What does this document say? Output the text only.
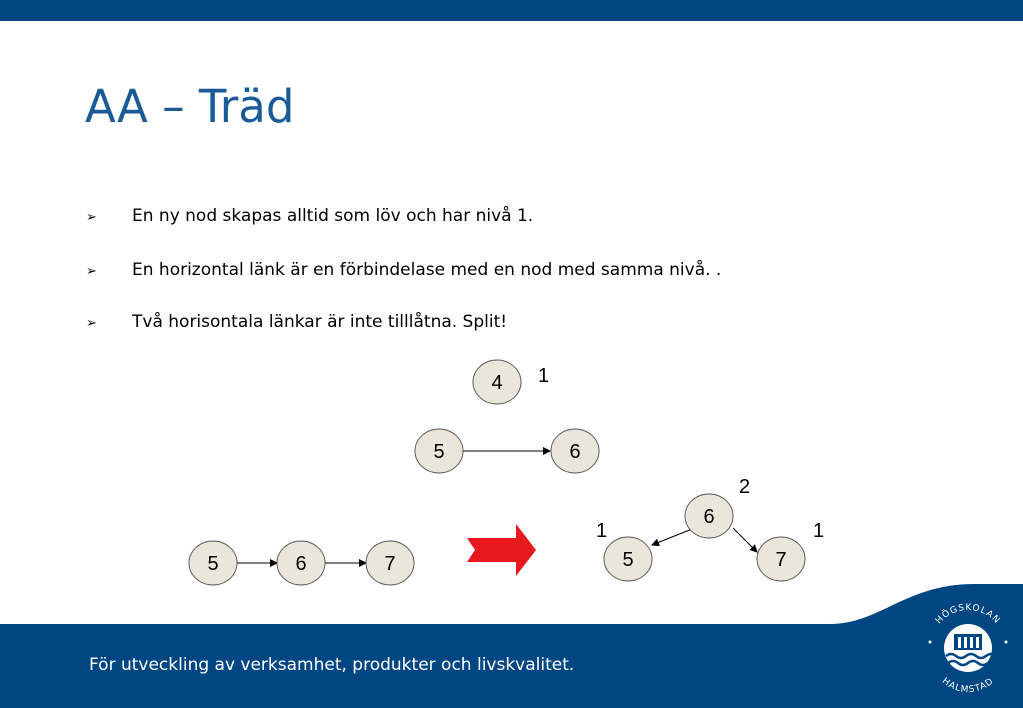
AA – Träd
➢ En ny nod skapas alltid som löv och har nivå 1.
➢ En horizontal länk är en förbindelase med en nod med samma nivå. .
➢ Två horisontala länkar är inte tilllåtna. Split!
4 1
5	6
5	6	7
6
5	7
2
1	1
För utveckling av verksamhet, produkter och livskvalitet.
HÖGSKOLAN
HALMSTAD
